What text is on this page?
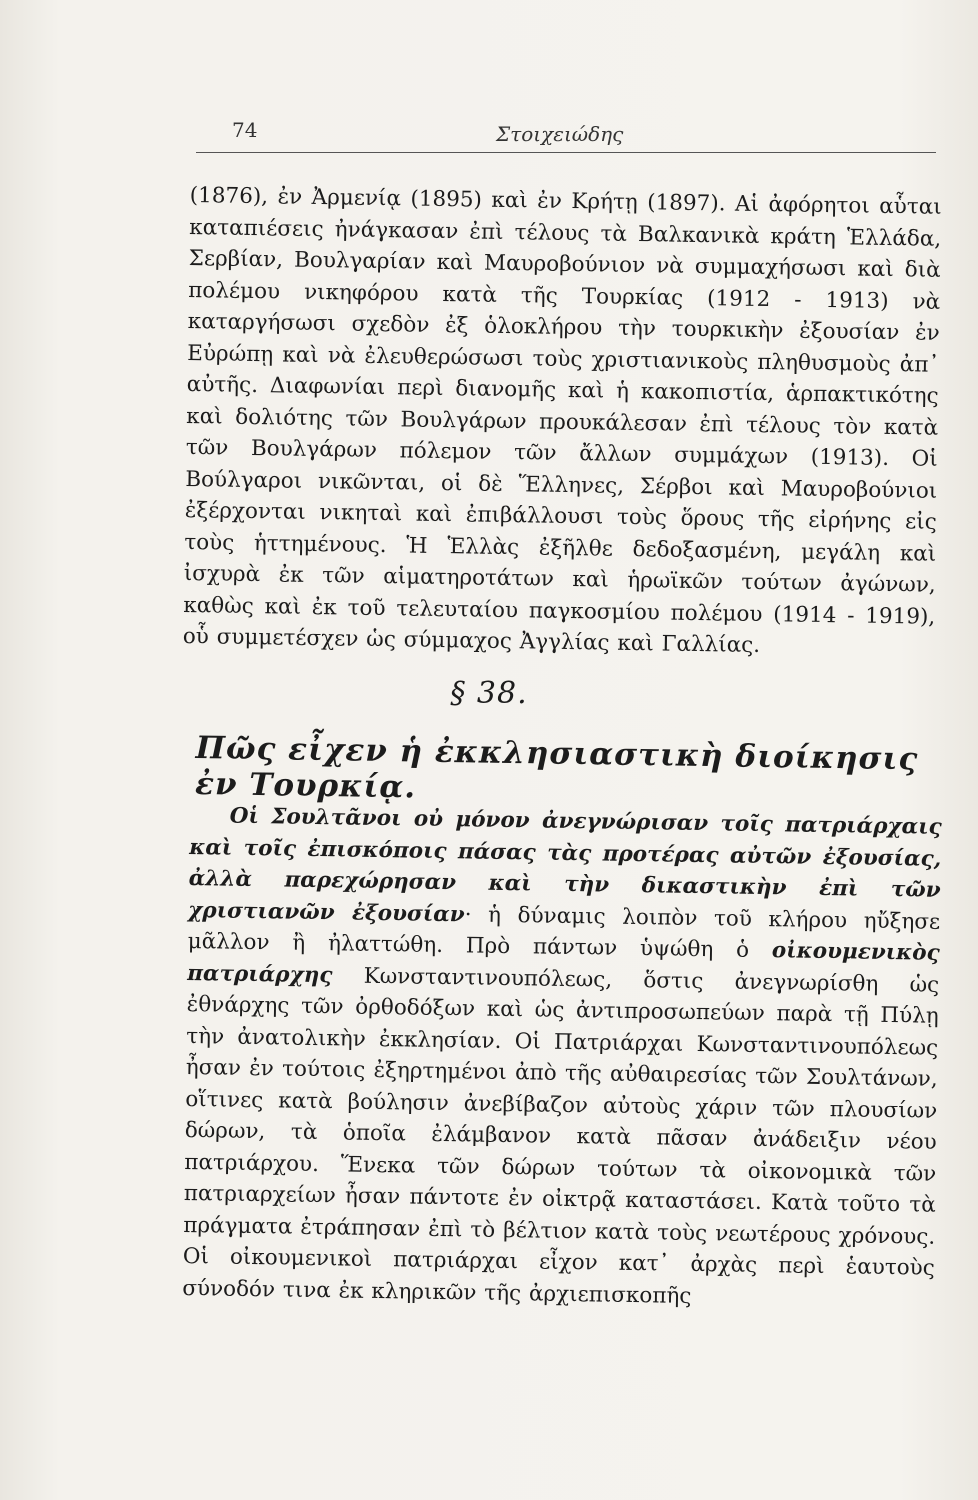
74	Στοιχειώδης

(1876), ἐν Ἀρμενίᾳ (1895) καὶ ἐν Κρήτῃ (1897). Αἱ ἀφόρητοι αὗται καταπιέσεις ἠνάγκασαν ἐπὶ τέλους τὰ Βαλκανικὰ κράτη Ἑλλάδα, Σερβίαν, Βουλγαρίαν καὶ Μαυροβούνιον νὰ συμμαχήσωσι καὶ διὰ πολέμου νικηφόρου κατὰ τῆς Τουρκίας (1912 - 1913) νὰ καταργήσωσι σχεδὸν ἐξ ὁλοκλήρου τὴν τουρκικὴν ἐξουσίαν ἐν Εὐρώπῃ καὶ νὰ ἐλευθερώσωσι τοὺς χριστιανικοὺς πληθυσμοὺς ἀπ᾿ αὐτῆς. Διαφωνίαι περὶ διανομῆς καὶ ἡ κακοπιστία, ἁρπακτικότης καὶ δολιότης τῶν Βουλγάρων προυκάλεσαν ἐπὶ τέλους τὸν κατὰ τῶν Βουλγάρων πόλεμον τῶν ἄλλων συμμάχων (1913). Οἱ Βούλγαροι νικῶνται, οἱ δὲ Ἕλληνες, Σέρβοι καὶ Μαυροβούνιοι ἐξέρχονται νικηταὶ καὶ ἐπιβάλλουσι τοὺς ὅρους τῆς εἰρήνης εἰς τοὺς ἡττημένους. Ἡ Ἑλλὰς ἐξῆλθε δεδοξασμένη, μεγάλη καὶ ἰσχυρὰ ἐκ τῶν αἱματηροτάτων καὶ ἡρωϊκῶν τούτων ἀγώνων, καθὼς καὶ ἐκ τοῦ τελευταίου παγκοσμίου πολέμου (1914 - 1919), οὗ συμμετέσχεν ὡς σύμμαχος Ἀγγλίας καὶ Γαλλίας.

§ 38.
Πῶς εἶχεν ἡ ἐκκλησιαστικὴ διοίκησις ἐν Τουρκίᾳ.

Οἱ Σουλτᾶνοι οὐ μόνον ἀνεγνώρισαν τοῖς πατριάρχαις καὶ τοῖς ἐπισκόποις πάσας τὰς προτέρας αὐτῶν ἐξουσίας, ἀλλὰ παρεχώρησαν καὶ τὴν δικαστικὴν ἐπὶ τῶν χριστιανῶν ἐξουσίαν· ἡ δύναμις λοιπὸν τοῦ κλήρου ηὔξησε μᾶλλον ἢ ἠλαττώθη. Πρὸ πάντων ὑψώθη ὁ οἰκουμενικὸς πατριάρχης Κωνσταντινουπόλεως, ὅστις ἀνεγνωρίσθη ὡς ἐθνάρχης τῶν ὀρθοδόξων καὶ ὡς ἀντιπροσωπεύων παρὰ τῇ Πύλῃ τὴν ἀνατολικὴν ἐκκλησίαν. Οἱ Πατριάρχαι Κωνσταντινουπόλεως ἦσαν ἐν τούτοις ἐξηρτημένοι ἀπὸ τῆς αὐθαιρεσίας τῶν Σουλτάνων, οἵτινες κατὰ βούλησιν ἀνεβίβαζον αὐτοὺς χάριν τῶν πλουσίων δώρων, τὰ ὁποῖα ἐλάμβανον κατὰ πᾶσαν ἀνάδειξιν νέου πατριάρχου. Ἕνεκα τῶν δώρων τούτων τὰ οἰκονομικὰ τῶν πατριαρχείων ἦσαν πάντοτε ἐν οἰκτρᾷ καταστάσει. Κατὰ τοῦτο τὰ πράγματα ἐτράπησαν ἐπὶ τὸ βέλτιον κατὰ τοὺς νεωτέρους χρόνους. Οἱ οἰκουμενικοὶ πατριάρχαι εἶχον κατ᾿ ἀρχὰς περὶ ἑαυτοὺς σύνοδόν τινα ἐκ κληρικῶν τῆς ἀρχιεπισκοπῆς
